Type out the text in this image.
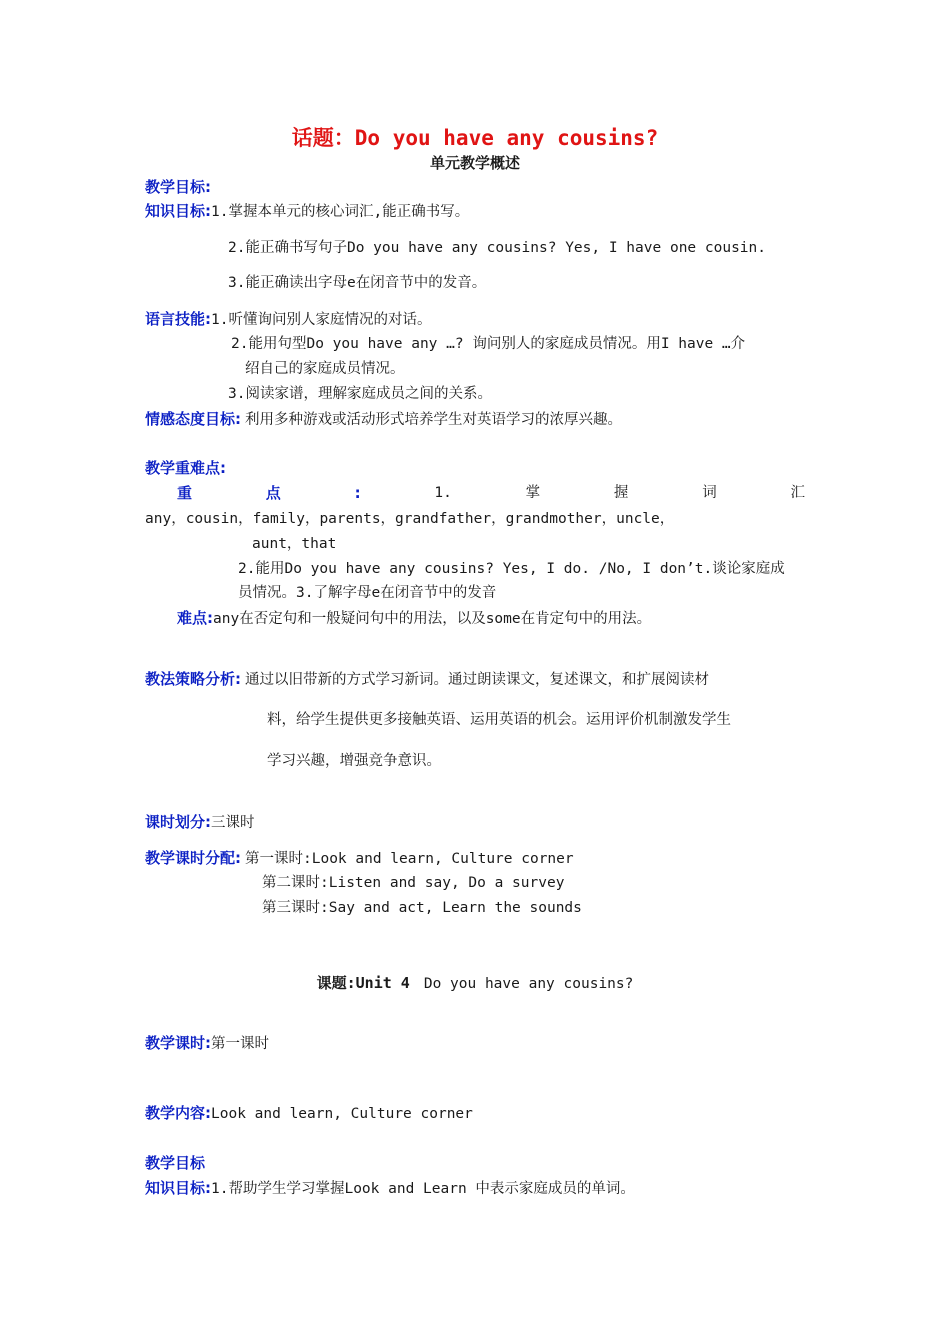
话题：Do you have any cousins?
单元教学概述
教学目标:
知识目标:1.掌握本单元的核心词汇,能正确书写。
2.能正确书写句子Do you have any cousins? Yes, I have one cousin.
3.能正确读出字母e在闭音节中的发音。
语言技能:1.听懂询问别人家庭情况的对话。
2.能用句型Do you have any …? 询问别人的家庭成员情况。用I have …介
绍自己的家庭成员情况。
3.阅读家谱，理解家庭成员之间的关系。
情感态度目标: 利用多种游戏或活动形式培养学生对英语学习的浓厚兴趣。
教学重难点:
重	点	:	1.	掌	握	词	汇
any，cousin，family，parents，grandfather，grandmother，uncle，
aunt，that
2.能用Do you have any cousins? Yes, I do. /No, I don’t.谈论家庭成
员情况。3.了解字母e在闭音节中的发音
难点:any在否定句和一般疑问句中的用法，以及some在肯定句中的用法。
教法策略分析: 通过以旧带新的方式学习新词。通过朗读课文，复述课文，和扩展阅读材
料，给学生提供更多接触英语、运用英语的机会。运用评价机制激发学生
学习兴趣，增强竞争意识。
课时划分:三课时
教学课时分配: 第一课时:Look and learn, Culture corner
第二课时:Listen and say, Do a survey
第三课时:Say and act, Learn the sounds
课题:Unit 4 Do you have any cousins?
教学课时:第一课时
教学内容:Look and learn, Culture corner
教学目标
知识目标:1.帮助学生学习掌握Look and Learn 中表示家庭成员的单词。
